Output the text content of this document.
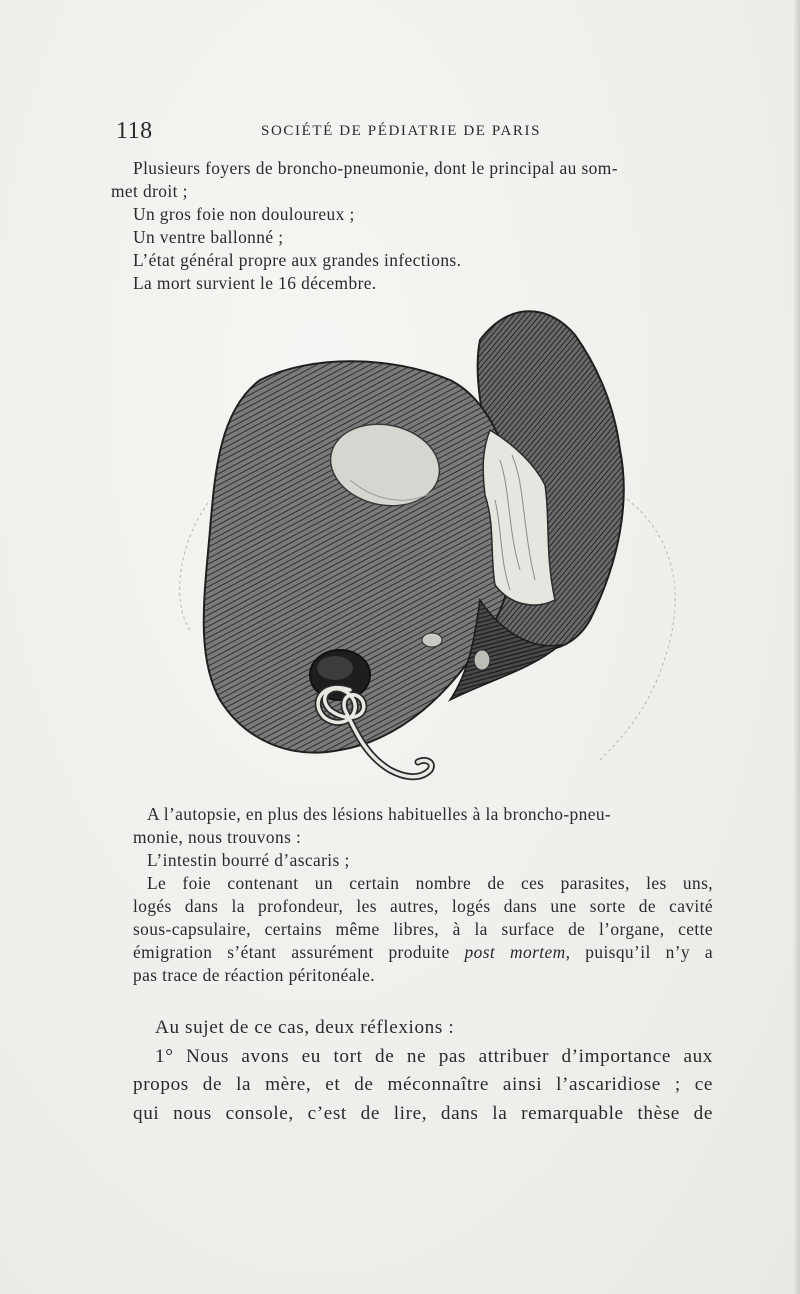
118	SOCIÉTÉ DE PÉDIATRIE DE PARIS
Plusieurs foyers de broncho-pneumonie, dont le principal au som-
met droit ;
Un gros foie non douloureux ;
Un ventre ballonné ;
L’état général propre aux grandes infections.
La mort survient le 16 décembre.
A l’autopsie, en plus des lésions habituelles à la broncho-pneu-
monie, nous trouvons :
L’intestin bourré d’ascaris ;
Le foie contenant un certain nombre de ces parasites, les uns,
logés dans la profondeur, les autres, logés dans une sorte de cavité
sous-capsulaire, certains même libres, à la surface de l’organe, cette
émigration s’étant assurément produite post mortem, puisqu’il n’y a
pas trace de réaction péritonéale.
Au sujet de ce cas, deux réflexions :
1° Nous avons eu tort de ne pas attribuer d’importance aux
propos de la mère, et de méconnaître ainsi l’ascaridiose ; ce
qui nous console, c’est de lire, dans la remarquable thèse de
